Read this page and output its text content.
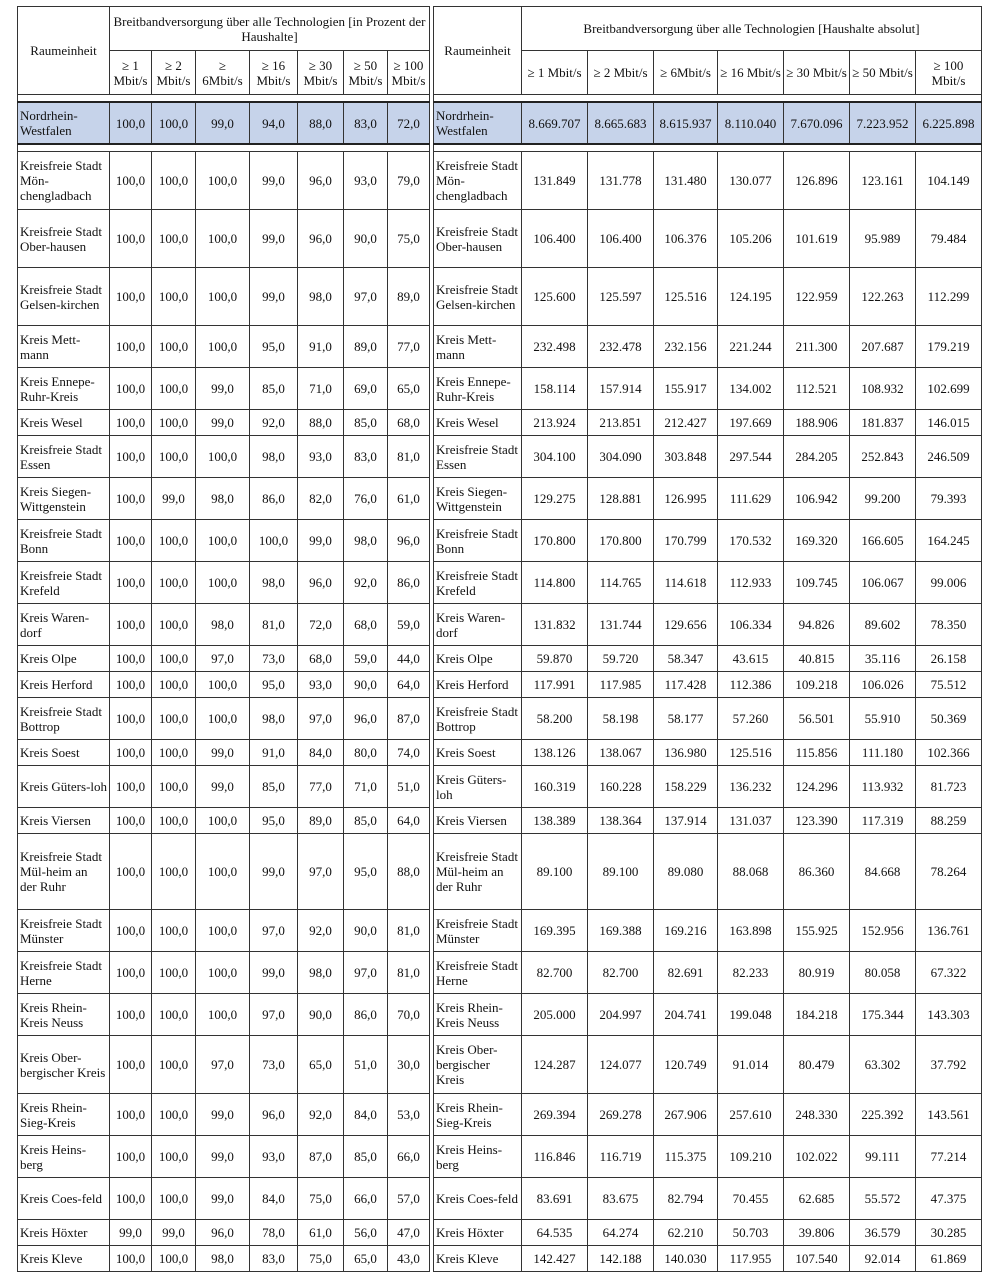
Raumeinheit	Breitbandversorgung über alle Technologien [in Prozent der Haushalte]								Raumeinheit	Breitbandversorgung über alle Technologien [Haushalte absolut]						
	≥ 1 Mbit/s	≥ 2 Mbit/s	≥ 6Mbit/s	≥ 16 Mbit/s	≥ 30 Mbit/s	≥ 50 Mbit/s	≥ 100 Mbit/s			≥ 1 Mbit/s	≥ 2 Mbit/s	≥ 6Mbit/s	≥ 16 Mbit/s	≥ 30 Mbit/s	≥ 50 Mbit/s	≥ 100 Mbit/s

Nordrhein-Westfalen	100,0	100,0	99,0	94,0	88,0	83,0	72,0		Nordrhein-Westfalen	8.669.707	8.665.683	8.615.937	8.110.040	7.670.096	7.223.952	6.225.898

Kreisfreie Stadt Mön-chengladbach	100,0	100,0	100,0	99,0	96,0	93,0	79,0		Kreisfreie Stadt Mön-chengladbach	131.849	131.778	131.480	130.077	126.896	123.161	104.149
Kreisfreie Stadt Ober-hausen	100,0	100,0	100,0	99,0	96,0	90,0	75,0		Kreisfreie Stadt Ober-hausen	106.400	106.400	106.376	105.206	101.619	95.989	79.484
Kreisfreie Stadt Gelsen-kirchen	100,0	100,0	100,0	99,0	98,0	97,0	89,0		Kreisfreie Stadt Gelsen-kirchen	125.600	125.597	125.516	124.195	122.959	122.263	112.299
Kreis Mett-mann	100,0	100,0	100,0	95,0	91,0	89,0	77,0		Kreis Mett-mann	232.498	232.478	232.156	221.244	211.300	207.687	179.219
Kreis Ennepe-Ruhr-Kreis	100,0	100,0	99,0	85,0	71,0	69,0	65,0		Kreis Ennepe-Ruhr-Kreis	158.114	157.914	155.917	134.002	112.521	108.932	102.699
Kreis Wesel	100,0	100,0	99,0	92,0	88,0	85,0	68,0		Kreis Wesel	213.924	213.851	212.427	197.669	188.906	181.837	146.015
Kreisfreie Stadt Essen	100,0	100,0	100,0	98,0	93,0	83,0	81,0		Kreisfreie Stadt Essen	304.100	304.090	303.848	297.544	284.205	252.843	246.509
Kreis Siegen-Wittgenstein	100,0	99,0	98,0	86,0	82,0	76,0	61,0		Kreis Siegen-Wittgenstein	129.275	128.881	126.995	111.629	106.942	99.200	79.393
Kreisfreie Stadt Bonn	100,0	100,0	100,0	100,0	99,0	98,0	96,0		Kreisfreie Stadt Bonn	170.800	170.800	170.799	170.532	169.320	166.605	164.245
Kreisfreie Stadt Krefeld	100,0	100,0	100,0	98,0	96,0	92,0	86,0		Kreisfreie Stadt Krefeld	114.800	114.765	114.618	112.933	109.745	106.067	99.006
Kreis Waren-dorf	100,0	100,0	98,0	81,0	72,0	68,0	59,0		Kreis Waren-dorf	131.832	131.744	129.656	106.334	94.826	89.602	78.350
Kreis Olpe	100,0	100,0	97,0	73,0	68,0	59,0	44,0		Kreis Olpe	59.870	59.720	58.347	43.615	40.815	35.116	26.158
Kreis Herford	100,0	100,0	100,0	95,0	93,0	90,0	64,0		Kreis Herford	117.991	117.985	117.428	112.386	109.218	106.026	75.512
Kreisfreie Stadt Bottrop	100,0	100,0	100,0	98,0	97,0	96,0	87,0		Kreisfreie Stadt Bottrop	58.200	58.198	58.177	57.260	56.501	55.910	50.369
Kreis Soest	100,0	100,0	99,0	91,0	84,0	80,0	74,0		Kreis Soest	138.126	138.067	136.980	125.516	115.856	111.180	102.366
Kreis Güters-loh	100,0	100,0	99,0	85,0	77,0	71,0	51,0		Kreis Güters-loh	160.319	160.228	158.229	136.232	124.296	113.932	81.723
Kreis Viersen	100,0	100,0	100,0	95,0	89,0	85,0	64,0		Kreis Viersen	138.389	138.364	137.914	131.037	123.390	117.319	88.259
Kreisfreie Stadt Mül-heim an der Ruhr	100,0	100,0	100,0	99,0	97,0	95,0	88,0		Kreisfreie Stadt Mül-heim an der Ruhr	89.100	89.100	89.080	88.068	86.360	84.668	78.264
Kreisfreie Stadt Münster	100,0	100,0	100,0	97,0	92,0	90,0	81,0		Kreisfreie Stadt Münster	169.395	169.388	169.216	163.898	155.925	152.956	136.761
Kreisfreie Stadt Herne	100,0	100,0	100,0	99,0	98,0	97,0	81,0		Kreisfreie Stadt Herne	82.700	82.700	82.691	82.233	80.919	80.058	67.322
Kreis Rhein-Kreis Neuss	100,0	100,0	100,0	97,0	90,0	86,0	70,0		Kreis Rhein-Kreis Neuss	205.000	204.997	204.741	199.048	184.218	175.344	143.303
Kreis Ober-bergischer Kreis	100,0	100,0	97,0	73,0	65,0	51,0	30,0		Kreis Ober-bergischer Kreis	124.287	124.077	120.749	91.014	80.479	63.302	37.792
Kreis Rhein-Sieg-Kreis	100,0	100,0	99,0	96,0	92,0	84,0	53,0		Kreis Rhein-Sieg-Kreis	269.394	269.278	267.906	257.610	248.330	225.392	143.561
Kreis Heins-berg	100,0	100,0	99,0	93,0	87,0	85,0	66,0		Kreis Heins-berg	116.846	116.719	115.375	109.210	102.022	99.111	77.214
Kreis Coes-feld	100,0	100,0	99,0	84,0	75,0	66,0	57,0		Kreis Coes-feld	83.691	83.675	82.794	70.455	62.685	55.572	47.375
Kreis Höxter	99,0	99,0	96,0	78,0	61,0	56,0	47,0		Kreis Höxter	64.535	64.274	62.210	50.703	39.806	36.579	30.285
Kreis Kleve	100,0	100,0	98,0	83,0	75,0	65,0	43,0		Kreis Kleve	142.427	142.188	140.030	117.955	107.540	92.014	61.869
